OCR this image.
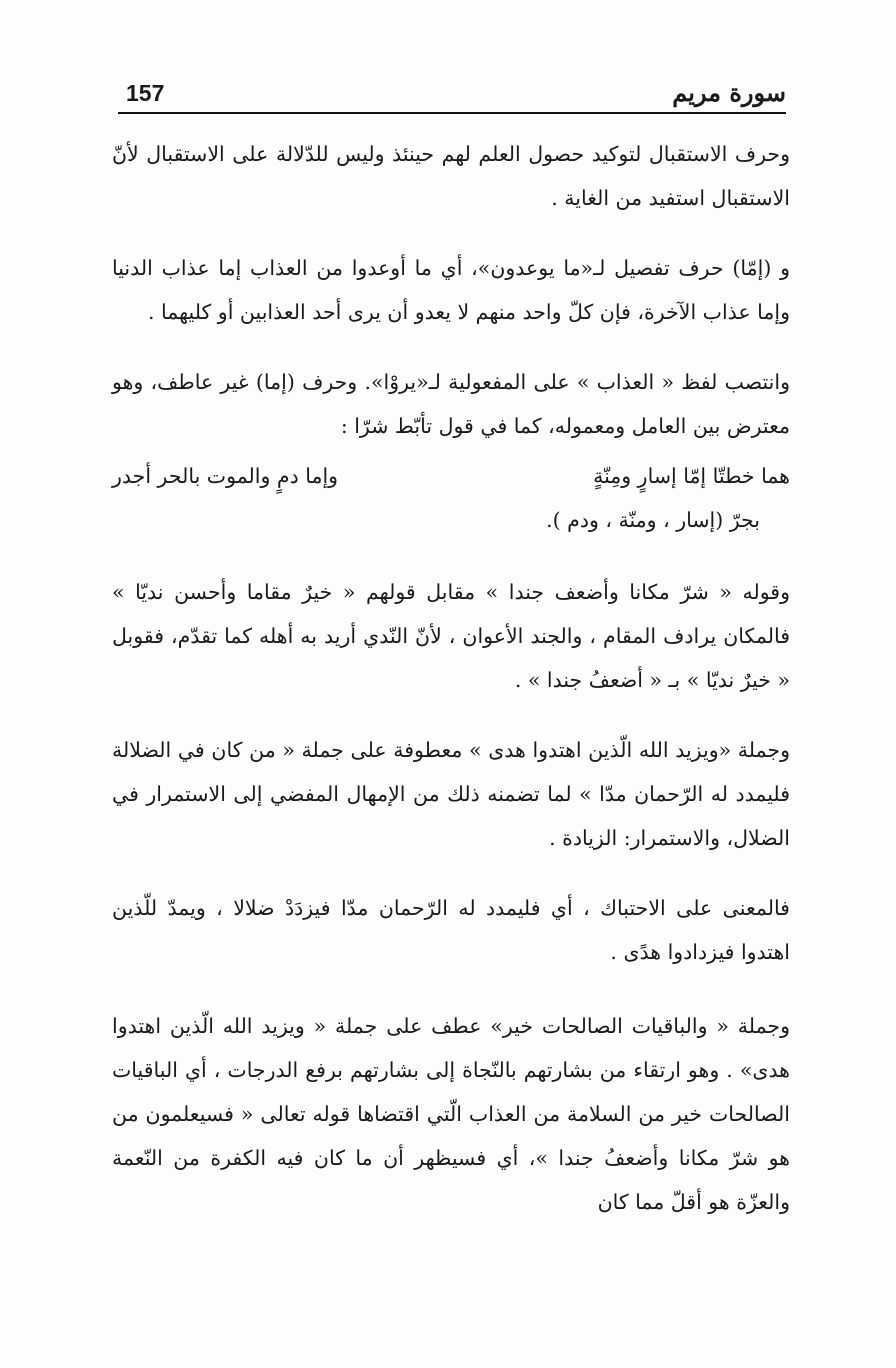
157	سورة مريم

وحرف الاستقبال لتوكيد حصول العلم لهم حينئذ وليس للدّلالة على الاستقبال لأنّ الاستقبال استفيد من الغاية .

و (إمّا) حرف تفصيل لـ«ما يوعدون»، أي ما أوعدوا من العذاب إما عذاب الدنيا وإما عذاب الآخرة، فإن كلّ واحد منهم لا يعدو أن يرى أحد العذابين أو كليهما .

وانتصب لفظ « العذاب » على المفعولية لـ«يروْا». وحرف (إما) غير عاطف، وهو معترض بين العامل ومعموله، كما في قول تأبّط شرّا :

هما خطتّا إمّا إسارٍ ومِنّةٍ
وإما دمٍ والموت بالحر أجدر

بجرّ (إسار ، ومنّة ، ودم ).

وقوله « شرّ مكانا وأضعف جندا » مقابل قولهم « خيرٌ مقاما وأحسن نديّا » فالمكان يرادف المقام ، والجند الأعوان ، لأنّ النّدي أريد به أهله كما تقدّم، فقوبل « خيرٌ نديّا » بـ « أضعفُ جندا » .

وجملة «ويزيد الله الّذين اهتدوا هدى » معطوفة على جملة « من كان في الضلالة فليمدد له الرّحمان مدّا » لما تضمنه ذلك من الإمهال المفضي إلى الاستمرار في الضلال، والاستمرار: الزيادة .

فالمعنى على الاحتباك ، أي فليمدد له الرّحمان مدّا فيزدَدْ ضلالا ، ويمدّ للّذين اهتدوا فيزدادوا هدًى .

وجملة « والباقيات الصالحات خير» عطف على جملة « ويزيد الله الّذين اهتدوا هدى» . وهو ارتقاء من بشارتهم بالنّجاة إلى بشارتهم برفع الدرجات ، أي الباقيات الصالحات خير من السلامة من العذاب الّتي اقتضاها قوله تعالى « فسيعلمون من هو شرّ مكانا وأضعفُ جندا »، أي فسيظهر أن ما كان فيه الكفرة من النّعمة والعزّة هو أقلّ مما كان
